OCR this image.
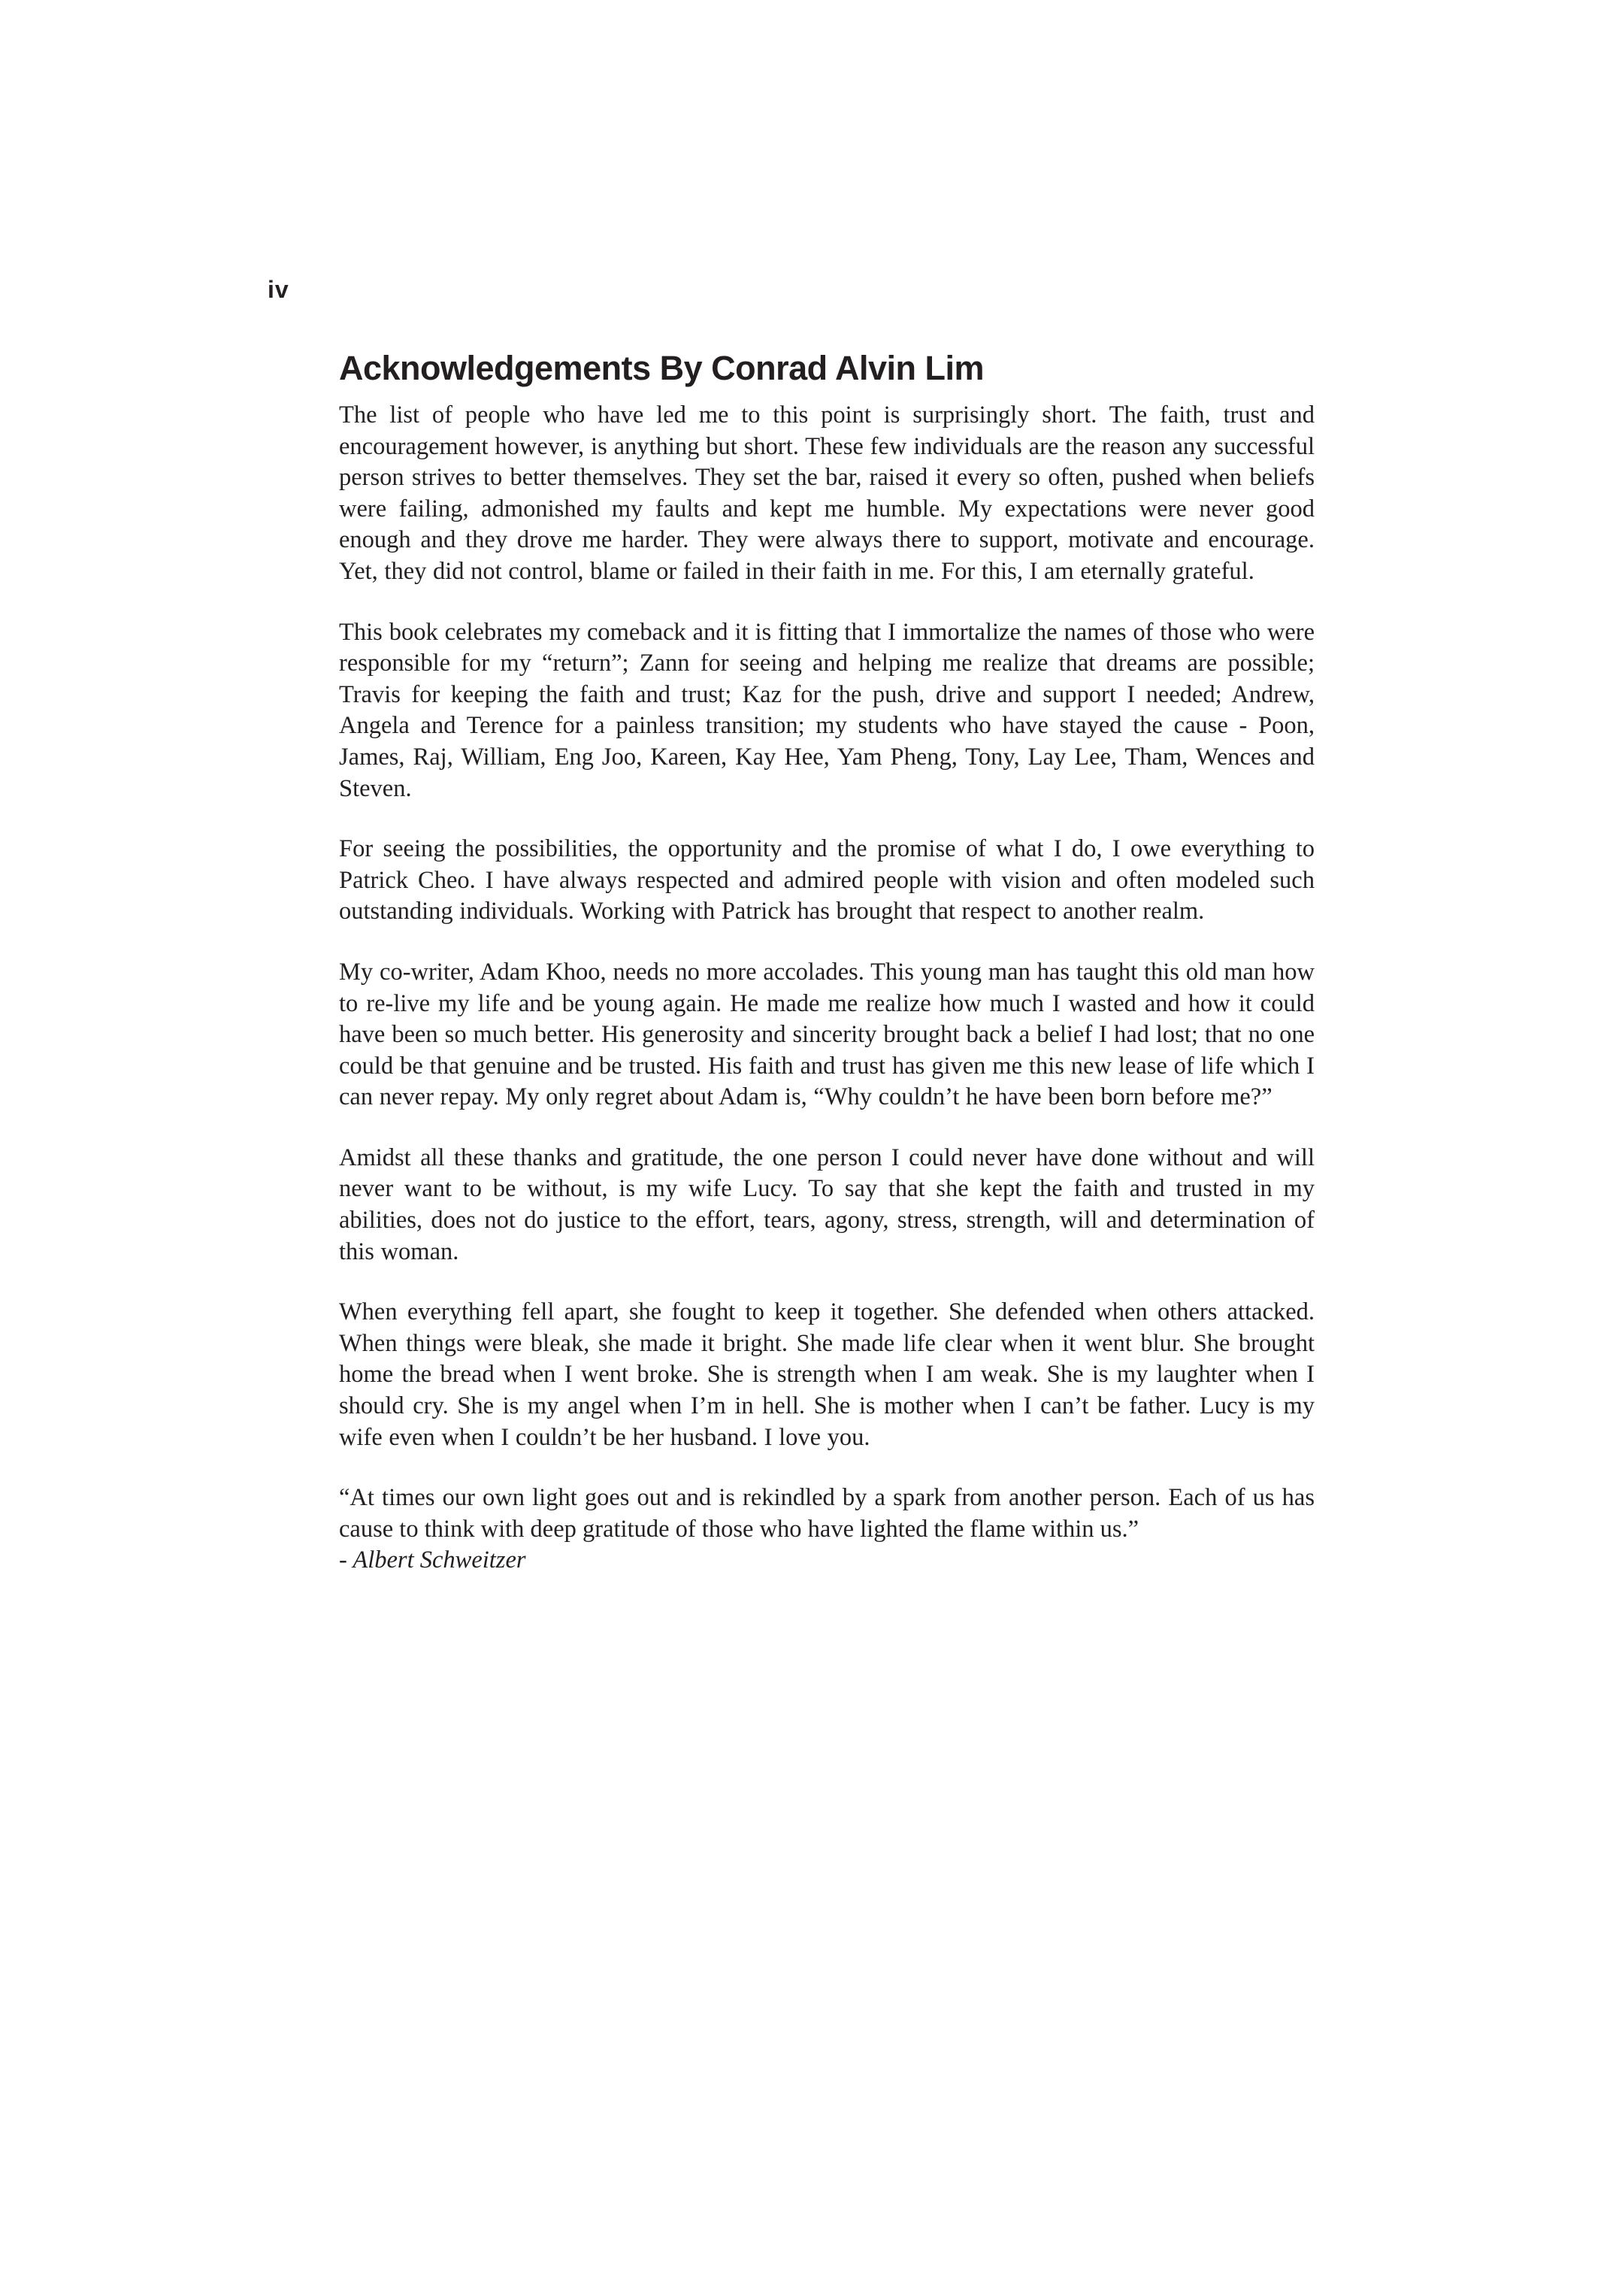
iv
Acknowledgements By Conrad Alvin Lim

The list of people who have led me to this point is surprisingly short. The faith, trust and encouragement however, is anything but short. These few individuals are the reason any successful person strives to better themselves. They set the bar, raised it every so often, pushed when beliefs were failing, admonished my faults and kept me humble. My expectations were never good enough and they drove me harder. They were always there to support, motivate and encourage. Yet, they did not control, blame or failed in their faith in me. For this, I am eternally grateful.

This book celebrates my comeback and it is fitting that I immortalize the names of those who were responsible for my “return”; Zann for seeing and helping me realize that dreams are possible; Travis for keeping the faith and trust; Kaz for the push, drive and support I needed; Andrew, Angela and Terence for a painless transition; my students who have stayed the cause - Poon, James, Raj, William, Eng Joo, Kareen, Kay Hee, Yam Pheng, Tony, Lay Lee, Tham, Wences and Steven.

For seeing the possibilities, the opportunity and the promise of what I do, I owe everything to Patrick Cheo. I have always respected and admired people with vision and often modeled such outstanding individuals. Working with Patrick has brought that respect to another realm.

My co-writer, Adam Khoo, needs no more accolades. This young man has taught this old man how to re-live my life and be young again. He made me realize how much I wasted and how it could have been so much better. His generosity and sincerity brought back a belief I had lost; that no one could be that genuine and be trusted. His faith and trust has given me this new lease of life which I can never repay. My only regret about Adam is, “Why couldn’t he have been born before me?”

Amidst all these thanks and gratitude, the one person I could never have done without and will never want to be without, is my wife Lucy. To say that she kept the faith and trusted in my abilities, does not do justice to the effort, tears, agony, stress, strength, will and determination of this woman.

When everything fell apart, she fought to keep it together. She defended when others attacked. When things were bleak, she made it bright. She made life clear when it went blur. She brought home the bread when I went broke. She is strength when I am weak. She is my laughter when I should cry. She is my angel when I’m in hell. She is mother when I can’t be father. Lucy is my wife even when I couldn’t be her husband. I love you.

“At times our own light goes out and is rekindled by a spark from another person. Each of us has cause to think with deep gratitude of those who have lighted the flame within us.”

- Albert Schweitzer
